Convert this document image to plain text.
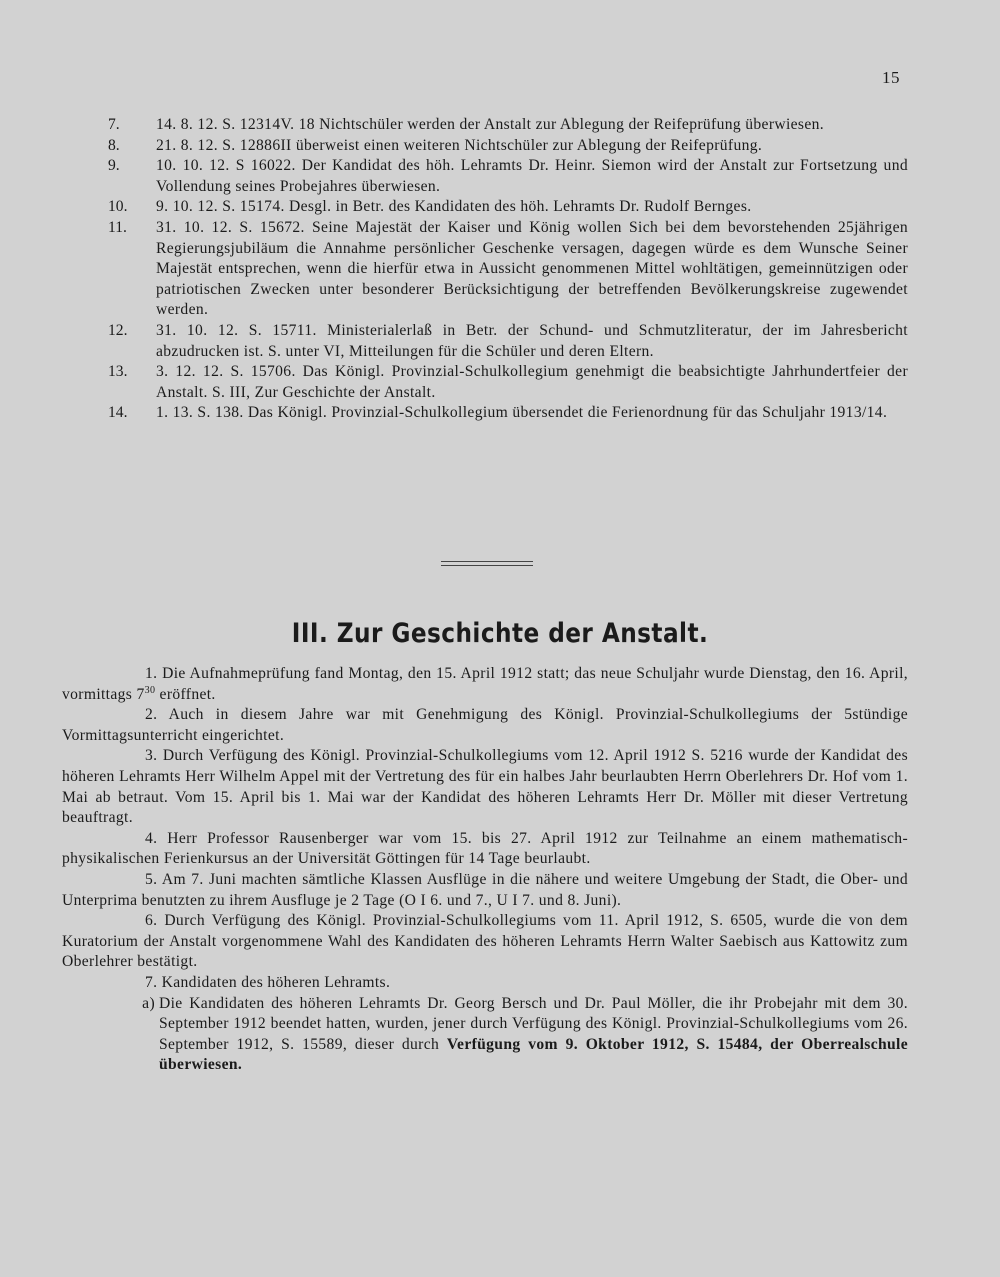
15
7.	14. 8. 12. S. 12314V. 18 Nichtschüler werden der Anstalt zur Ablegung der Reifeprüfung überwiesen.
8.	21. 8. 12. S. 12886II überweist einen weiteren Nichtschüler zur Ablegung der Reifeprüfung.
9.	10. 10. 12. S 16022. Der Kandidat des höh. Lehramts Dr. Heinr. Siemon wird der Anstalt zur Fortsetzung und Vollendung seines Probejahres überwiesen.
10.	9. 10. 12. S. 15174. Desgl. in Betr. des Kandidaten des höh. Lehramts Dr. Rudolf Bernges.
11.	31. 10. 12. S. 15672. Seine Majestät der Kaiser und König wollen Sich bei dem bevorstehenden 25jährigen Regierungsjubiläum die Annahme persönlicher Geschenke versagen, dagegen würde es dem Wunsche Seiner Majestät entsprechen, wenn die hierfür etwa in Aussicht genommenen Mittel wohltätigen, gemeinnützigen oder patriotischen Zwecken unter besonderer Berücksichtigung der betreffenden Bevölkerungskreise zugewendet werden.
12.	31. 10. 12. S. 15711. Ministerialerlaß in Betr. der Schund- und Schmutzliteratur, der im Jahresbericht abzudrucken ist. S. unter VI, Mitteilungen für die Schüler und deren Eltern.
13.	3. 12. 12. S. 15706. Das Königl. Provinzial-Schulkollegium genehmigt die beabsichtigte Jahrhundertfeier der Anstalt. S. III, Zur Geschichte der Anstalt.
14.	1. 13. S. 138. Das Königl. Provinzial-Schulkollegium übersendet die Ferienordnung für das Schuljahr 1913/14.
III. Zur Geschichte der Anstalt.
1. Die Aufnahmeprüfung fand Montag, den 15. April 1912 statt; das neue Schuljahr wurde Dienstag, den 16. April, vormittags $7^{30}$ eröffnet.
2. Auch in diesem Jahre war mit Genehmigung des Königl. Provinzial-Schulkollegiums der 5stündige Vormittagsunterricht eingerichtet.
3. Durch Verfügung des Königl. Provinzial-Schulkollegiums vom 12. April 1912 S. 5216 wurde der Kandidat des höheren Lehramts Herr Wilhelm Appel mit der Vertretung des für ein halbes Jahr beurlaubten Herrn Oberlehrers Dr. Hof vom 1. Mai ab betraut. Vom 15. April bis 1. Mai war der Kandidat des höheren Lehramts Herr Dr. Möller mit dieser Vertretung beauftragt.
4. Herr Professor Rausenberger war vom 15. bis 27. April 1912 zur Teilnahme an einem mathematisch-physikalischen Ferienkursus an der Universität Göttingen für 14 Tage beurlaubt.
5. Am 7. Juni machten sämtliche Klassen Ausflüge in die nähere und weitere Umgebung der Stadt, die Ober- und Unterprima benutzten zu ihrem Ausfluge je 2 Tage (O I 6. und 7., U I 7. und 8. Juni).
6. Durch Verfügung des Königl. Provinzial-Schulkollegiums vom 11. April 1912, S. 6505, wurde die von dem Kuratorium der Anstalt vorgenommene Wahl des Kandidaten des höheren Lehramts Herrn Walter Saebisch aus Kattowitz zum Oberlehrer bestätigt.
7. Kandidaten des höheren Lehramts.
a) Die Kandidaten des höheren Lehramts Dr. Georg Bersch und Dr. Paul Möller, die ihr Probejahr mit dem 30. September 1912 beendet hatten, wurden, jener durch Verfügung des Königl. Provinzial-Schulkollegiums vom 26. September 1912, S. 15589, dieser durch Verfügung vom 9. Oktober 1912, S. 15484, der Oberrealschule überwiesen.
